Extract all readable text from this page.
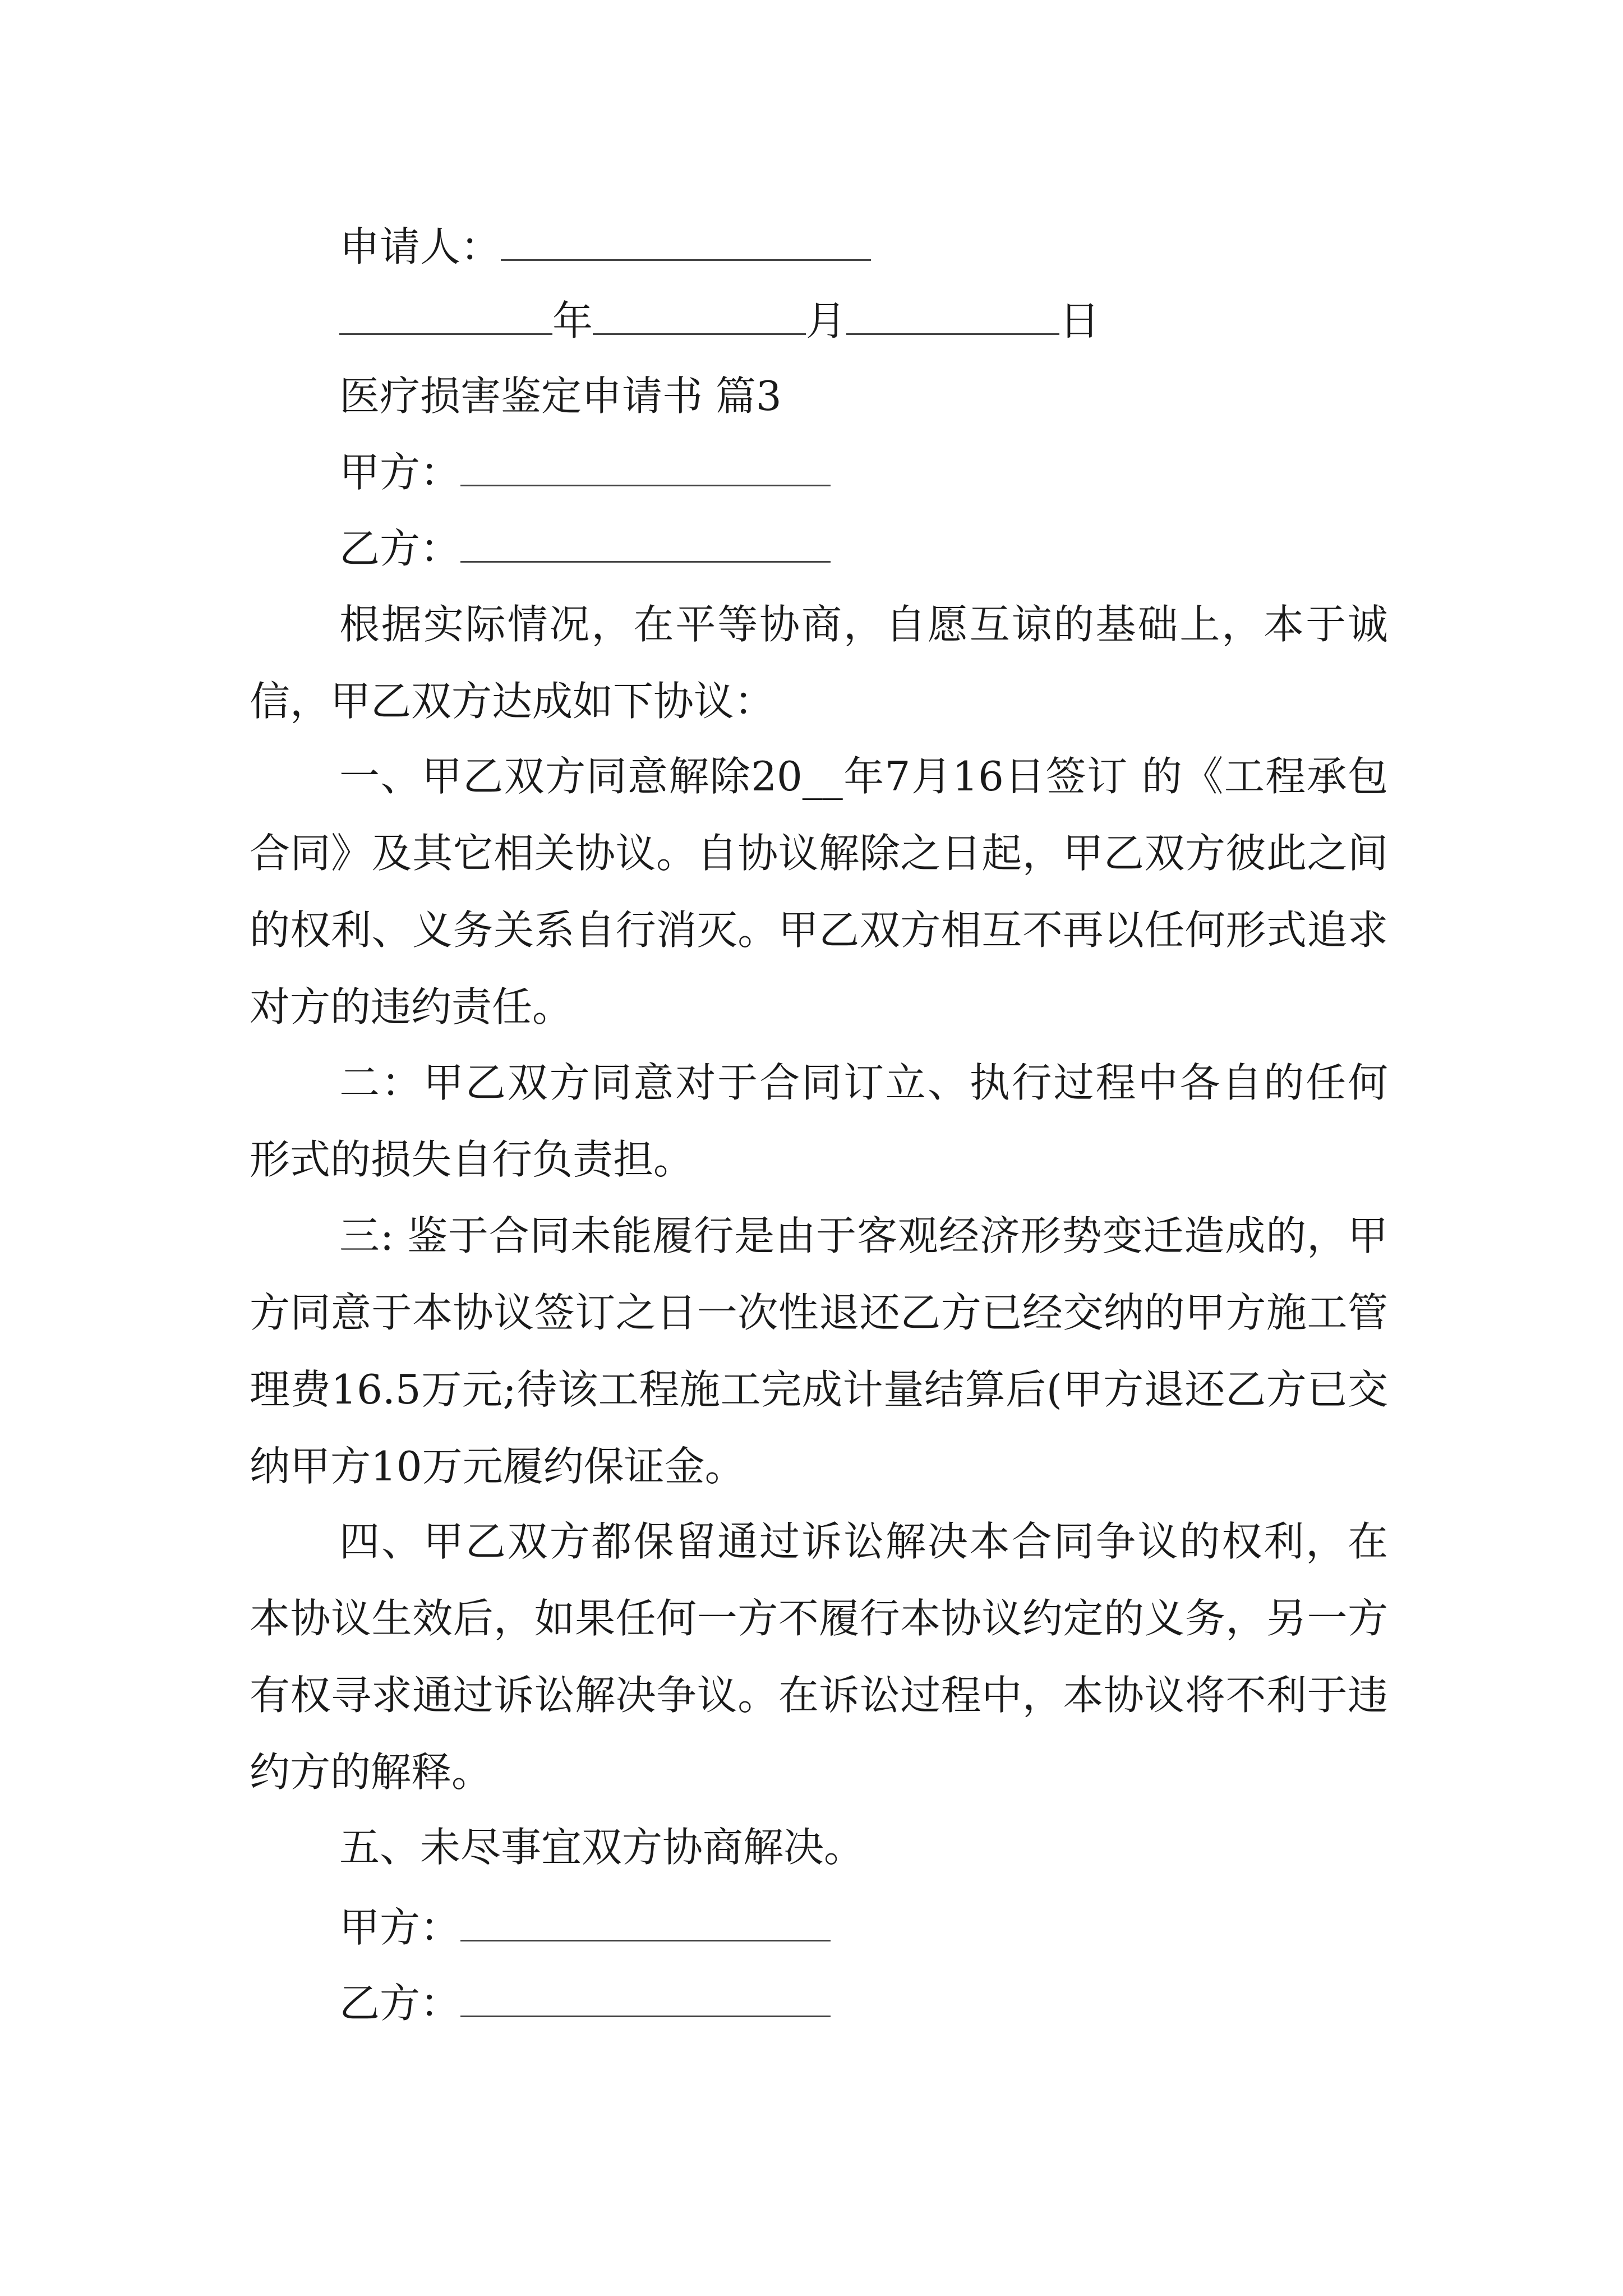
申请人：
年	月	日
医疗损害鉴定申请书 篇3
甲方：
乙方：

根据实际情况，在平等协商，自愿互谅的基础上，本于诚信，甲乙双方达成如下协议：

一、甲乙双方同意解除20__年7月16日签订 的《工程承包合同》及其它相关协议。自协议解除之日起，甲乙双方彼此之间的权利、义务关系自行消灭。甲乙双方相互不再以任何形式追求对方的违约责任。

二：甲乙双方同意对于合同订立、执行过程中各自的任何形式的损失自行负责担。

三: 鉴于合同未能履行是由于客观经济形势变迁造成的，甲方同意于本协议签订之日一次性退还乙方已经交纳的甲方施工管理费16.5万元;待该工程施工完成计量结算后(甲方退还乙方已交纳甲方10万元履约保证金。

四、甲乙双方都保留通过诉讼解决本合同争议的权利，在本协议生效后，如果任何一方不履行本协议约定的义务，另一方有权寻求通过诉讼解决争议。在诉讼过程中，本协议将不利于违约方的解释。

五、未尽事宜双方协商解决。

甲方：
乙方：
